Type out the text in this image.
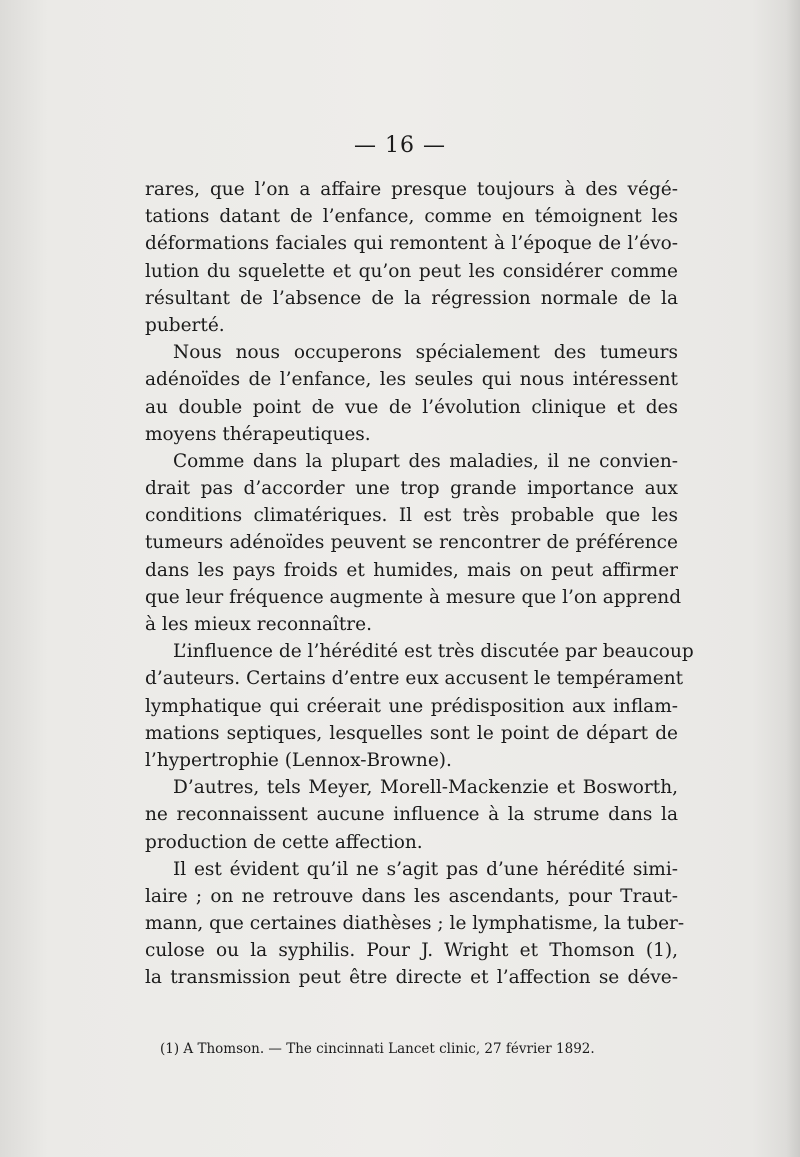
— 16 —
rares, que l’on a affaire presque toujours à des végé-
tations datant de l’enfance, comme en témoignent les
déformations faciales qui remontent à l’époque de l’évo-
lution du squelette et qu’on peut les considérer comme
résultant de l’absence de la régression normale de la
puberté.
Nous nous occuperons spécialement des tumeurs
adénoïdes de l’enfance, les seules qui nous intéressent
au double point de vue de l’évolution clinique et des
moyens thérapeutiques.
Comme dans la plupart des maladies, il ne convien-
drait pas d’accorder une trop grande importance aux
conditions climatériques. Il est très probable que les
tumeurs adénoïdes peuvent se rencontrer de préférence
dans les pays froids et humides, mais on peut affirmer
que leur fréquence augmente à mesure que l’on apprend
à les mieux reconnaître.
L’influence de l’hérédité est très discutée par beaucoup
d’auteurs. Certains d’entre eux accusent le tempérament
lymphatique qui créerait une prédisposition aux inflam-
mations septiques, lesquelles sont le point de départ de
l’hypertrophie (Lennox-Browne).
D’autres, tels Meyer, Morell-Mackenzie et Bosworth,
ne reconnaissent aucune influence à la strume dans la
production de cette affection.
Il est évident qu’il ne s’agit pas d’une hérédité simi-
laire ; on ne retrouve dans les ascendants, pour Traut-
mann, que certaines diathèses ; le lymphatisme, la tuber-
culose ou la syphilis. Pour J. Wright et Thomson (1),
la transmission peut être directe et l’affection se déve-
(1) A Thomson. — The cincinnati Lancet clinic, 27 février 1892.
